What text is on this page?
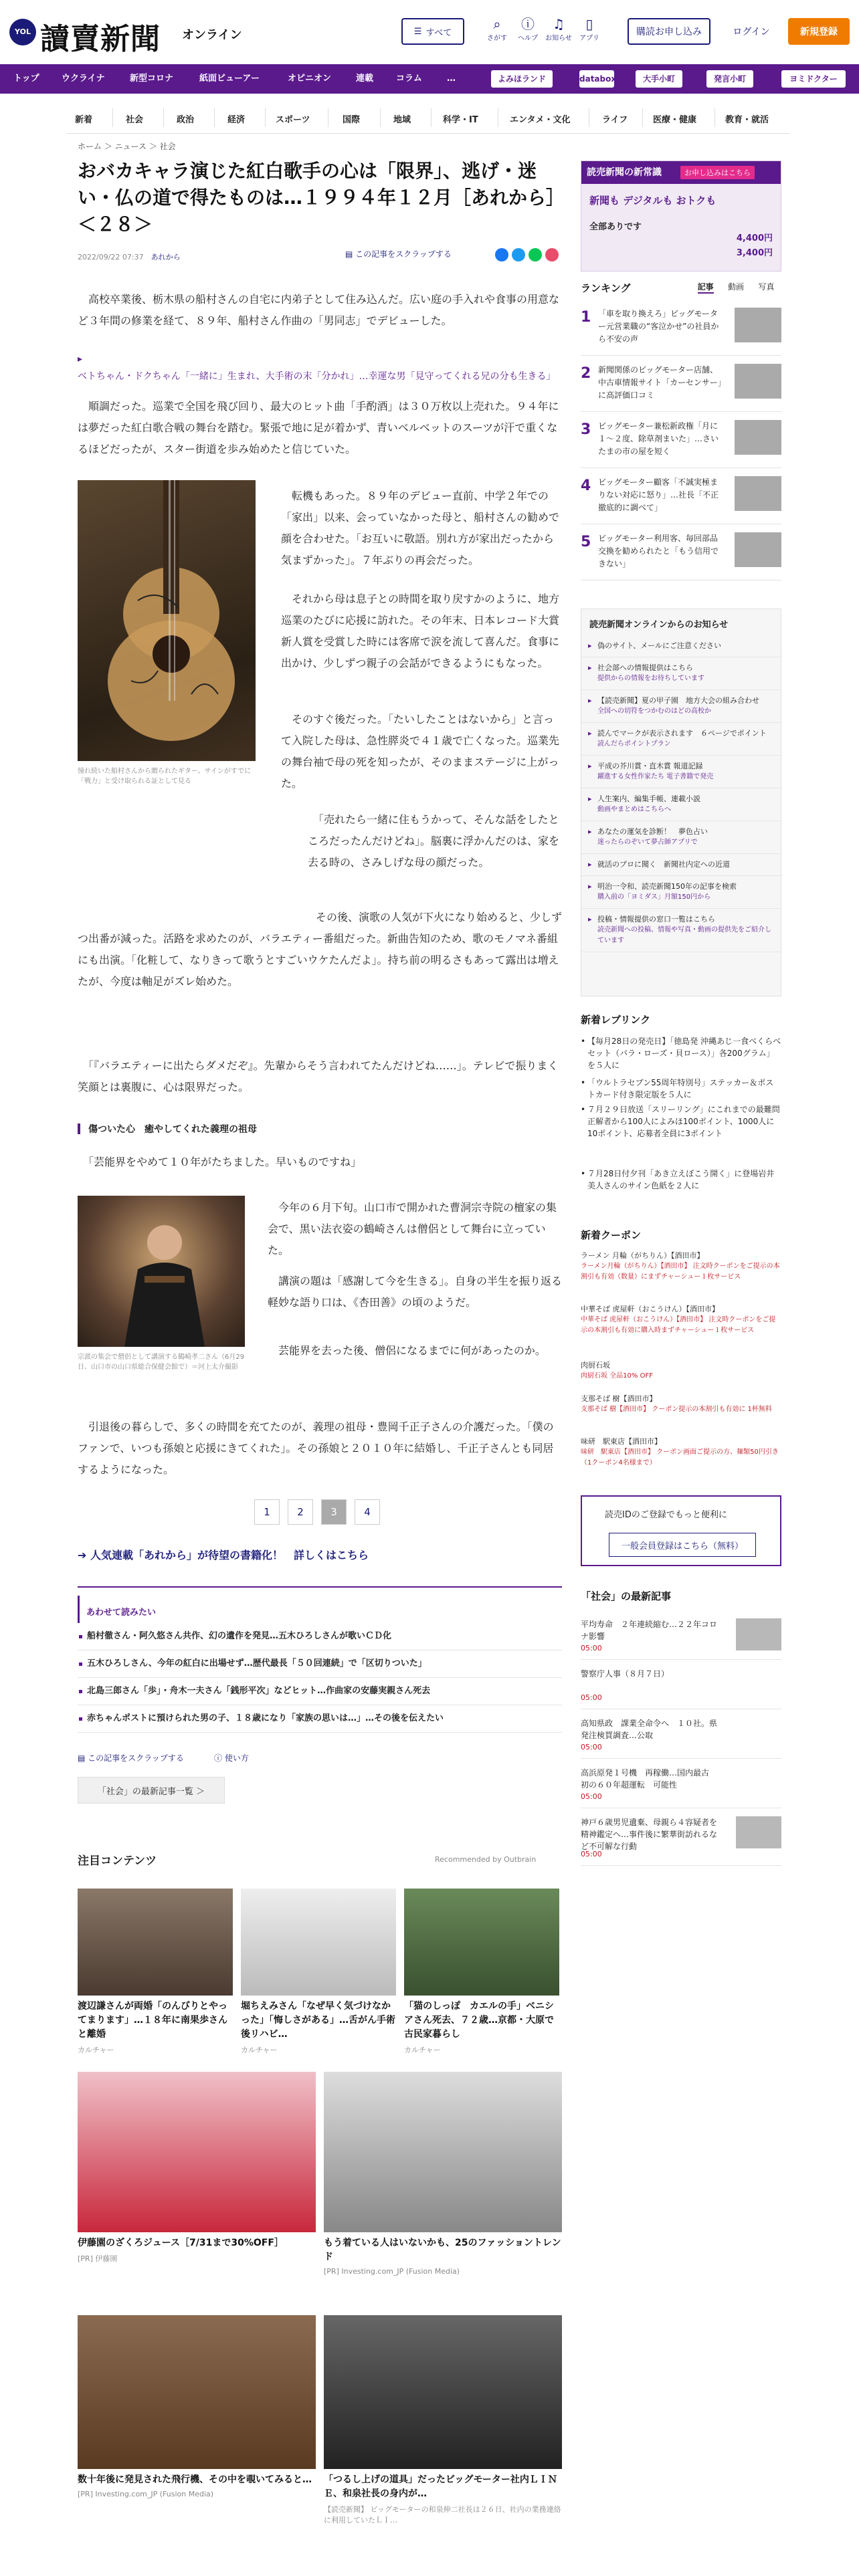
YOL 讀賣新聞 オンライン	☰ すべて
⌕
さがす
ⓘ
ヘルプ
♫
お知らせ
▯
アプリ
購読お申し込み	ログイン	新規登録
トップ	ウクライナ	新型コロナ	紙面ビューアー	オピニオン	連載	コラム	…	よみほランド	databox	大手小町	発言小町	ヨミドクター
新着	社会	政治	経済	スポーツ	国際	地域	科学・IT	エンタメ・文化	ライフ	医療・健康	教育・就活
ホーム ＞ ニュース ＞ 社会
おバカキャラ演じた紅白歌手の心は「限界」、逃げ・迷い・仏の道で得たものは…１９９４年１２月［あれから］＜２８＞
2022/09/22 07:37　 あれから	▤ この記事をスクラップする

　高校卒業後、栃木県の船村さんの自宅に内弟子として住み込んだ。広い庭の手入れや食事の用意など３年間の修業を経て、８９年、船村さん作曲の「男同志」でデビューした。

▸ ベトちゃん・ドクちゃん「一緒に」生まれ、大手術の末「分かれ」…幸運な男「見守ってくれる兄の分も生きる」

　順調だった。巡業で全国を飛び回り、最大のヒット曲「手酌酒」は３０万枚以上売れた。９４年には夢だった紅白歌合戦の舞台を踏む。緊張で地に足が着かず、青いベルベットのスーツが汗で重くなるほどだったが、スター街道を歩み始めたと信じていた。

憧れ続いた船村さんから贈られたギター。サインがすでに「戦力」と受け取られる証として見る

　転機もあった。８９年のデビュー直前、中学２年での「家出」以来、会っていなかった母と、船村さんの勧めで顔を合わせた。「お互いに敬語。別れ方が家出だったから気まずかった」。７年ぶりの再会だった。

　それから母は息子との時間を取り戻すかのように、地方巡業のたびに応援に訪れた。その年末、日本レコード大賞新人賞を受賞した時には客席で涙を流して喜んだ。食事に出かけ、少しずつ親子の会話ができるようにもなった。

　そのすぐ後だった。「たいしたことはないから」と言って入院した母は、急性膵炎で４１歳で亡くなった。巡業先の舞台袖で母の死を知ったが、そのままステージに上がった。

　「売れたら一緒に住もうかって、そんな話をしたところだったんだけどね」。脳裏に浮かんだのは、家を去る時の、さみしげな母の顔だった。

　その後、演歌の人気が下火になり始めると、少しずつ出番が減った。活路を求めたのが、バラエティー番組だった。新曲告知のため、歌のモノマネ番組にも出演。「化粧して、なりきって歌うとすごいウケたんだよ」。持ち前の明るさもあって露出は増えたが、今度は軸足がズレ始めた。

　「『バラエティーに出たらダメだぞ』。先輩からそう言われてたんだけどね……」。テレビで振りまく笑顔とは裏腹に、心は限界だった。

傷ついた心　癒やしてくれた義理の祖母

　「芸能界をやめて１０年がたちました。早いものですね」

宗派の集会で僧侶として講演する鶴崎孝二さん（6月29日、山口市の山口県総合保健会館で）＝河上太介撮影

　今年の６月下旬。山口市で開かれた曹洞宗寺院の檀家の集会で、黒い法衣姿の鶴崎さんは僧侶として舞台に立っていた。

　講演の題は「感謝して今を生きる」。自身の半生を振り返る軽妙な語り口は、《杏田善》の頃のようだ。

　芸能界を去った後、僧侶になるまでに何があったのか。

　引退後の暮らしで、多くの時間を充てたのが、義理の祖母・豊岡千正子さんの介護だった。「僕のファンで、いつも孫娘と応援にきてくれた」。その孫娘と２０１０年に結婚し、千正子さんとも同居するようになった。

1	2	3	4
➔ 人気連載「あれから」が待望の書籍化！　詳しくはこちら
あわせて読みたい
船村徹さん・阿久悠さん共作、幻の遺作を発見…五木ひろしさんが歌いＣＤ化
五木ひろしさん、今年の紅白に出場せず…歴代最長「５０回連続」で「区切りついた」
北島三郎さん「歩」・舟木一夫さん「銭形平次」などヒット…作曲家の安藤実親さん死去
赤ちゃんポストに預けられた男の子、１８歳になり「家族の思いは…」…その後を伝えたい
▤ この記事をスクラップする	ⓘ 使い方
「社会」の最新記事一覧 ＞
注目コンテンツ	Recommended by Outbrain
渡辺謙さんが両婚「のんびりとやってまります」…１８年に南果歩さんと離婚
カルチャー
堀ちえみさん「なぜ早く気づけなかった」「悔しさがある」…舌がん手術後リハビ…
カルチャー
「猫のしっぽ　カエルの手」ベニシアさん死去、７２歳…京都・大原で古民家暮らし
カルチャー
伊藤園のざくろジュース［7/31まで30%OFF］
[PR] 伊藤園
もう着ている人はいないかも、25のファッショントレンド
[PR] Investing.com_JP (Fusion Media)
数十年後に発見された飛行機、その中を覗いてみると…
[PR] Investing.com_JP (Fusion Media)
「つるし上げの道具」だったビッグモーター社内ＬＩＮＥ、和泉社長の身内が…
【読売新聞】 ビッグモーターの和泉伸二社長は２６日、社内の業務連絡に利用していたＬＩ…
読売新聞の新常識	お申し込みはこちら
新聞も デジタルも おトクも
全部ありです
4,400円
3,400円
ランキング	記事 動画 写真
1 「車を取り換えろ」ビッグモーター元営業職の“客泣かせ”の社員から不安の声
2 新聞関係のビッグモーター店舗、中古車情報サイト「カーセンサー」に高評価口コミ
3 ビッグモーター兼松新政権「月に１〜２度、除草剤まいた」…さいたまの市の屋を短く
4 ビッグモーター顧客「不誠実極まりない対応に怒り」…社長「不正撤底的に調べて」
5 ビッグモーター利用客、毎回部品交換を勧められたと「もう信用できない」
読売新聞オンラインからのお知らせ
▸ 偽のサイト、メールにご注意ください
▸ 社会部への情報提供はこちら
提供からの情報をお待ちしています
▸ 【読売新聞】夏の甲子園　地方大会の組み合わせ
全国への切符をつかむのはどの高校か
▸ 読んでマークが表示されます　６ページでポイント
読んだらポイントプラン
▸ 平成の芥川賞・直木賞 報道記録
躍進する女性作家たち 電子書籍で発売
▸ 人生案内、編集手帳、連載小説
動画やまとめはこちらへ
▸ あなたの運気を診断！　夢色占い
迷ったらのぞいて夢占師アプリで
▸ 就活のプロに聞く　新聞社内定への近道
▸ 明治一令和、読売新聞150年の記事を検索
購入前の「ヨミダス」月額150円から
▸ 投稿・情報提供の窓口一覧はこちら
読売新聞への投稿、情報や写真・動画の提供先をご紹介しています
新着レブリンク
• 【毎月28日の発売日】「徳島発 沖縄あじ一食べくらべセット（パラ・ローズ・貝ロース）」各200グラム」を５人に
• 「ウルトラセブン55周年特別号」ステッカー＆ポストカード付き限定版を５人に
• ７月２９日放送「スリーリング」にこれまでの最難問　正解者から100人によみほ100ポイント、1000人に10ポイント、応募者全員に3ポイント
• ７月28日付夕刊「あき立えぼこう開く」に登場岩井美人さんのサイン色紙を２人に
新着クーポン
ラーメン 月輪（がちりん）【酒田市】
ラーメン月輪（がちりん）【酒田市】 注文時クーポンをご提示の本割引も有効（数量）にまずチャーシュー１枚サービス
中華そば 虎屋軒（おこうけん）【酒田市】
中華そば 虎屋軒（おこうけん）【酒田市】 注文時クーポンをご提示の本割引も有効に購入時まずチャーシュー１枚サービス
肉厨石坂
肉厨石坂 全品10% OFF
支那そば 樹【酒田市】
支那そば 樹【酒田市】 クーポン提示の本割引も有効に 1杯無料
味研　駅東店【酒田市】
味研　駅東店【酒田市】 クーポン画面ご提示の方、麺類50円引き（1クーポン4名様まで）
読売IDのご登録でもっと便利に
一般会員登録はこちら（無料）
「社会」の最新記事
平均寿命　２年連続縮む…２２年コロナ影響
05:00
警察庁人事（８月７日）
05:00
高知県政　課業全命令へ　１０社。県発注検買調査…公取
05:00
高浜原発１号機　再稼働…国内最古　初の６０年超運転　可能性
05:00
神戸６歳男児遺棄、母親ら４容疑者を精神鑑定へ…事件後に繁華街訪れるなど不可解な行動
05:00
